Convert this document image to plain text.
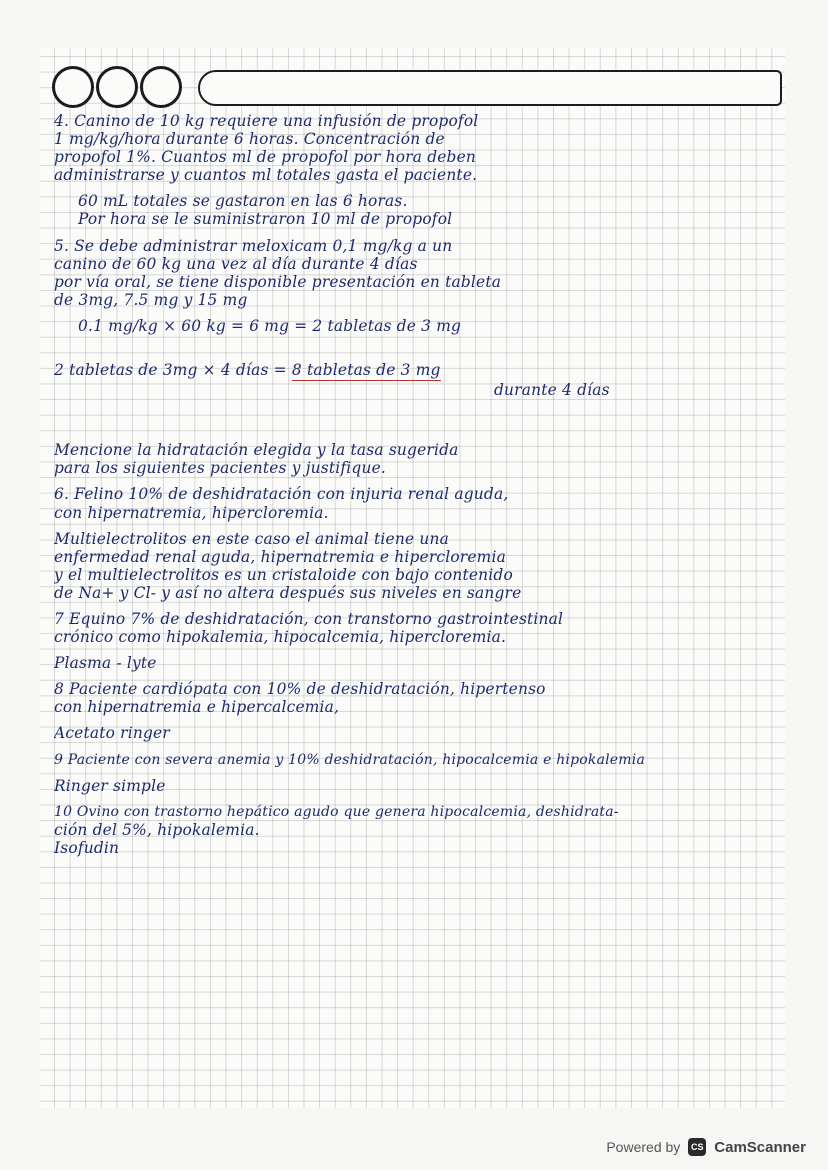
4. Canino de 10 kg requiere una infusión de propofol
1 mg/kg/hora durante 6 horas. Concentración de
propofol 1%. Cuantos ml de propofol por hora deben
administrarse y cuantos ml totales gasta el paciente.
60 mL totales se gastaron en las 6 horas.
Por hora se le suministraron 10 ml de propofol
5. Se debe administrar meloxicam 0,1 mg/kg a un
canino de 60 kg una vez al día durante 4 días
por vía oral, se tiene disponible presentación en tableta
de 3mg, 7.5 mg y 15 mg
0.1 mg/kg × 60 kg = 6 mg = 2 tabletas de 3 mg
2 tabletas de 3mg × 4 días = 8 tabletas de 3 mg
durante 4 días
Mencione la hidratación elegida y la tasa sugerida
para los siguientes pacientes y justifique.
6. Felino 10% de deshidratación con injuria renal aguda,
con hipernatremia, hipercloremia.
Multielectrolitos en este caso el animal tiene una
enfermedad renal aguda, hipernatremia e hipercloremia
y el multielectrolitos es un cristaloide con bajo contenido
de Na+ y Cl- y así no altera después sus niveles en sangre
7 Equino 7% de deshidratación, con transtorno gastrointestinal
crónico como hipokalemia, hipocalcemia, hipercloremia.
Plasma - lyte
8 Paciente cardiópata con 10% de deshidratación, hipertenso
con hipernatremia e hipercalcemia,
Acetato ringer
9 Paciente con severa anemia y 10% deshidratación, hipocalcemia e hipokalemia
Ringer simple
10 Ovino con trastorno hepático agudo que genera hipocalcemia, deshidrata-
ción del 5%, hipokalemia.
Isofudin
Powered by	CS CamScanner
